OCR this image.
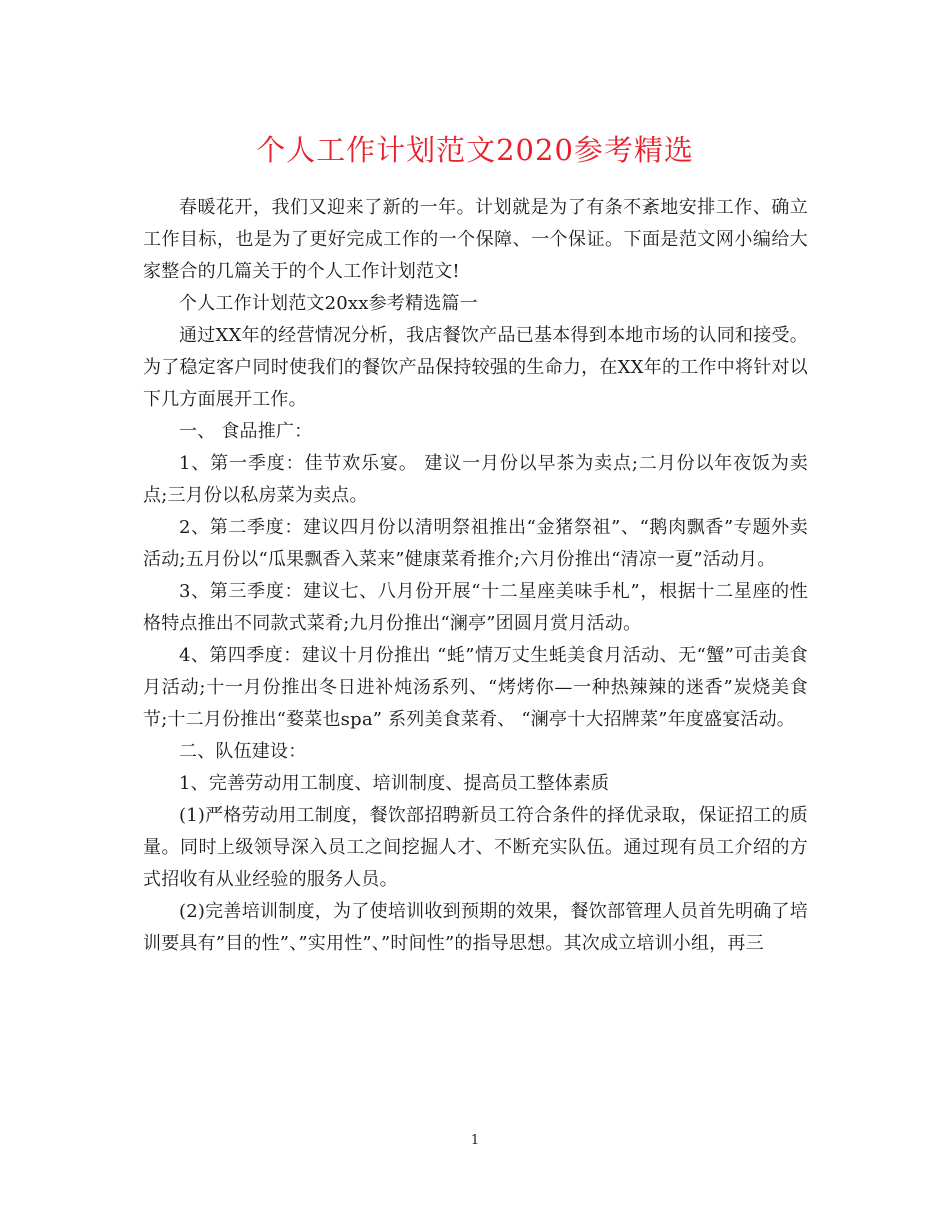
个人工作计划范文2020参考精选

春暖花开，我们又迎来了新的一年。计划就是为了有条不紊地安排工作、确立工作目标，也是为了更好完成工作的一个保障、一个保证。下面是范文网小编给大家整合的几篇关于的个人工作计划范文!

个人工作计划范文20xx参考精选篇一

通过XX年的经营情况分析，我店餐饮产品已基本得到本地市场的认同和接受。为了稳定客户同时使我们的餐饮产品保持较强的生命力，在XX年的工作中将针对以下几方面展开工作。

一、 食品推广：

1、第一季度：佳节欢乐宴。 建议一月份以早茶为卖点;二月份以年夜饭为卖点;三月份以私房菜为卖点。

2、第二季度：建议四月份以清明祭祖推出“金猪祭祖”、“鹅肉飘香”专题外卖活动;五月份以“瓜果飘香入菜来”健康菜肴推介;六月份推出“清凉一夏”活动月。

3、第三季度：建议七、八月份开展“十二星座美味手札”，根据十二星座的性格特点推出不同款式菜肴;九月份推出“澜亭”团圆月赏月活动。

4、第四季度：建议十月份推出 “蚝”情万丈生蚝美食月活动、无“蟹”可击美食月活动;十一月份推出冬日进补炖汤系列、“烤烤你—一种热辣辣的迷香”炭烧美食节;十二月份推出“婺菜也spa” 系列美食菜肴、 “澜亭十大招牌菜”年度盛宴活动。

二、队伍建设：

1、完善劳动用工制度、培训制度、提高员工整体素质

(1)严格劳动用工制度，餐饮部招聘新员工符合条件的择优录取，保证招工的质量。同时上级领导深入员工之间挖掘人才、不断充实队伍。通过现有员工介绍的方式招收有从业经验的服务人员。

(2)完善培训制度，为了使培训收到预期的效果，餐饮部管理人员首先明确了培训要具有”目的性”、”实用性”、”时间性”的指导思想。其次成立培训小组，再三

1
